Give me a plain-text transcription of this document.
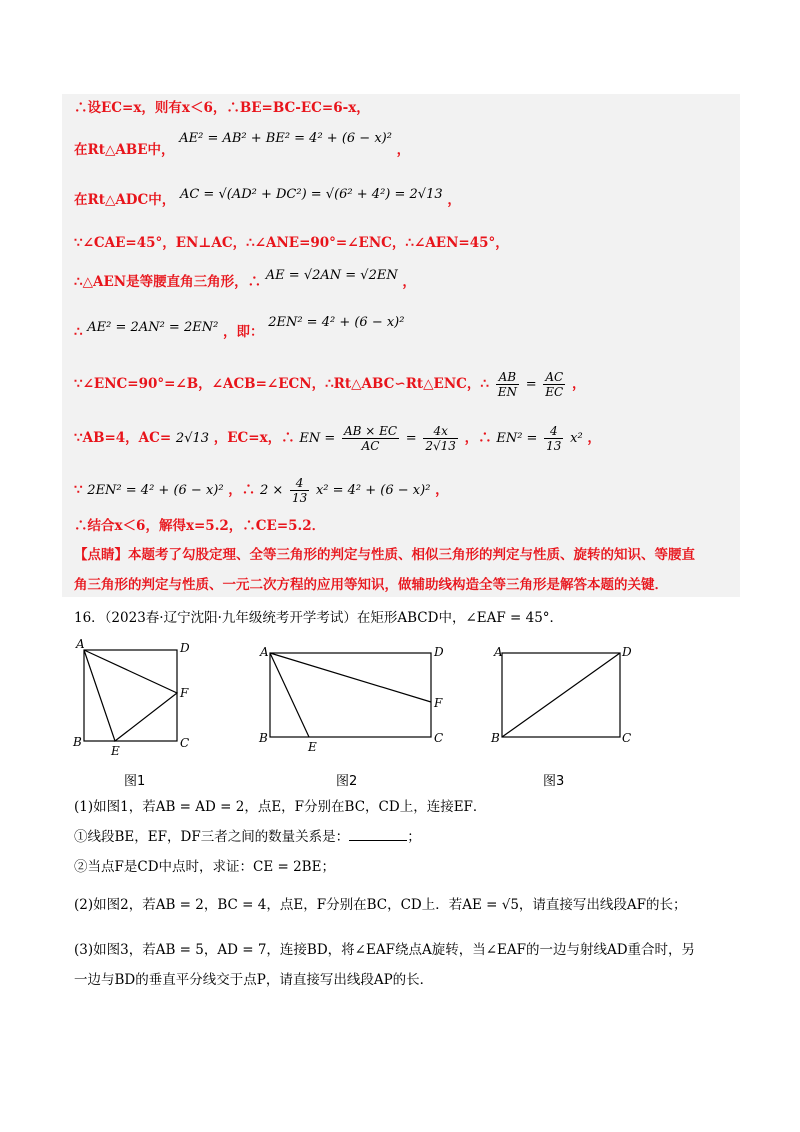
∴设EC=x，则有x＜6，∴BE=BC-EC=6-x，
在Rt△ABE中， AE² = AB² + BE² = 4² + (6 − x)² ，
在Rt△ADC中， AC = √(AD² + DC²) = √(6² + 4²) = 2√13 ，
∵∠CAE=45°，EN⊥AC，∴∠ANE=90°=∠ENC，∴∠AEN=45°，
∴△AEN是等腰直角三角形，∴ AE = √2AN = √2EN ，
∴ AE² = 2AN² = 2EN² ，即： 2EN² = 4² + (6 − x)²
∵∠ENC=90°=∠B，∠ACB=∠ECN，∴Rt△ABC∽Rt△ENC，∴ $\frac{AB}{EN} = \frac{AC}{EC}$ ，
∵AB=4，AC= 2√13 ，EC=x，∴ EN = $\frac{AB \times EC}{AC} = \frac{4x}{2√13}$ ，∴ $EN^2 = \frac{4}{13} x^2$ ，
∵ 2EN² = 4² + (6 − x)² ，∴ $2 \times \frac{4}{13} x^2 = 4^2 + (6 - x)^2$ ，
∴结合x＜6，解得x=5.2，∴CE=5.2．
【点睛】本题考了勾股定理、全等三角形的判定与性质、相似三角形的判定与性质、旋转的知识、等腰直
角三角形的判定与性质、一元二次方程的应用等知识，做辅助线构造全等三角形是解答本题的关键．
16．（2023春·辽宁沈阳·九年级统考开学考试）在矩形ABCD中，∠EAF = 45°．
A	D
F
B
E
C
A	D
F
B
E
C
A	D
B	C
图1	图2	图3
(1)如图1，若AB = AD = 2，点E，F分别在BC，CD上，连接EF．
①线段BE，EF，DF三者之间的数量关系是：	；
②当点F是CD中点时，求证：CE = 2BE；
(2)如图2，若AB = 2，BC = 4，点E，F分别在BC，CD上．若AE = √5，请直接写出线段AF的长；
(3)如图3，若AB = 5，AD = 7，连接BD，将∠EAF绕点A旋转，当∠EAF的一边与射线AD重合时，另
一边与BD的垂直平分线交于点P，请直接写出线段AP的长．
